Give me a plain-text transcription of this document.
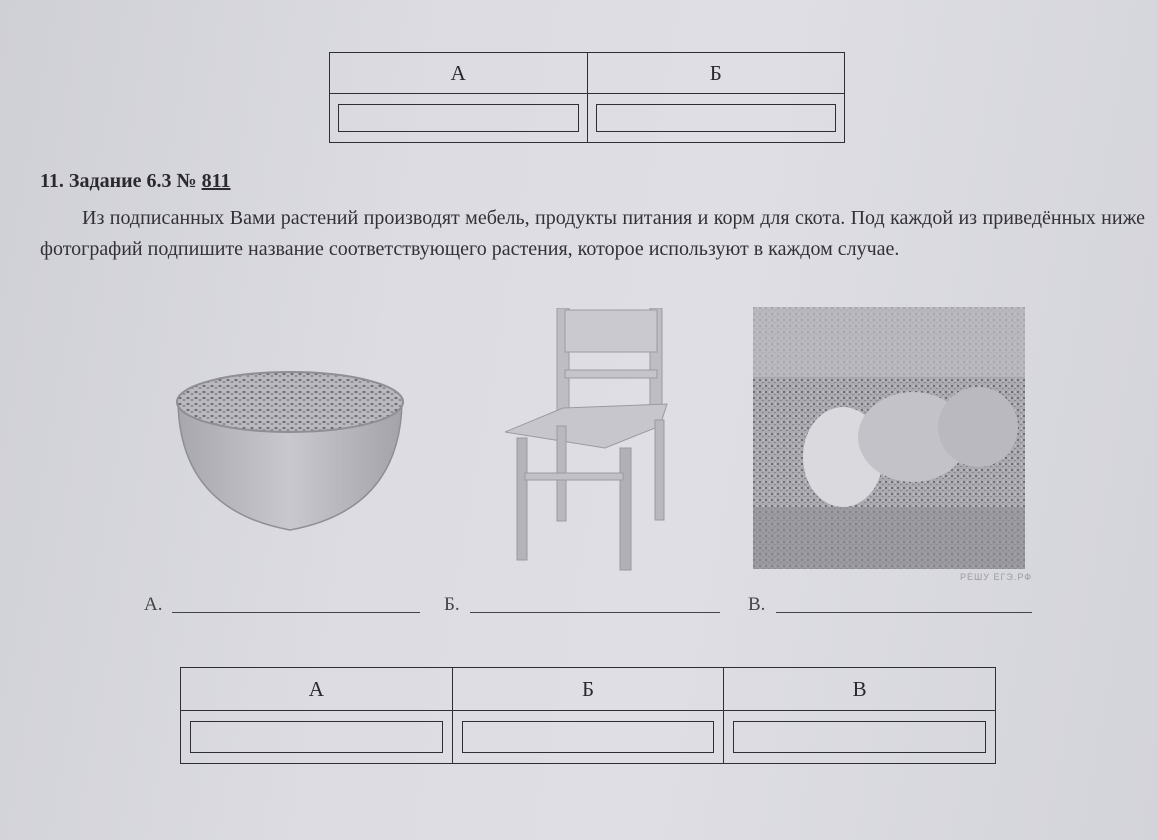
А	Б

11. Задание 6.3 № 811
Из подписанных Вами растений производят мебель, продукты питания и корм для скота. Под каждой из приведённых ниже фотографий подпишите название соответствующего растения, которое используют в каждом случае.
РЕШУ ЕГЭ.РФ
А.	Б.	В.
А	Б	В
